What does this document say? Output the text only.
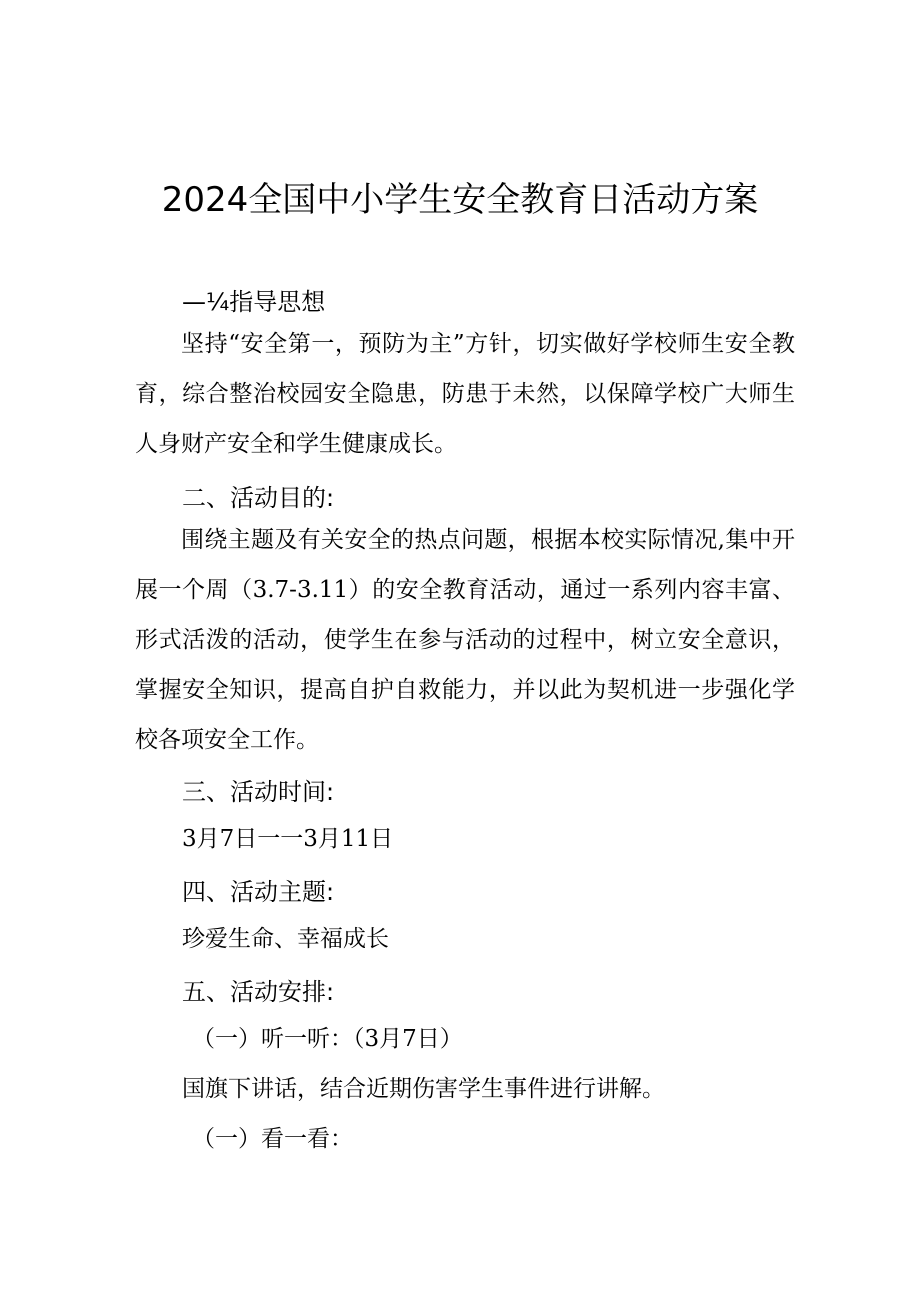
2024全国中小学生安全教育日活动方案
—¼指导思想

坚持“安全第一，预防为主”方针，切实做好学校师生安全教育，综合整治校园安全隐患，防患于未然，以保障学校广大师生人身财产安全和学生健康成长。

二、活动目的:

围绕主题及有关安全的热点问题，根据本校实际情况,集中开展一个周（3.7-3.11）的安全教育活动，通过一系列内容丰富、形式活泼的活动，使学生在参与活动的过程中，树立安全意识，掌握安全知识，提高自护自救能力，并以此为契机进一步强化学校各项安全工作。

三、活动时间:

3月7日一一3月11日

四、活动主题:

珍爱生命、幸福成长

五、活动安排:

（一）听一听：（3月7日）

国旗下讲话，结合近期伤害学生事件进行讲解。

（一）看一看：
